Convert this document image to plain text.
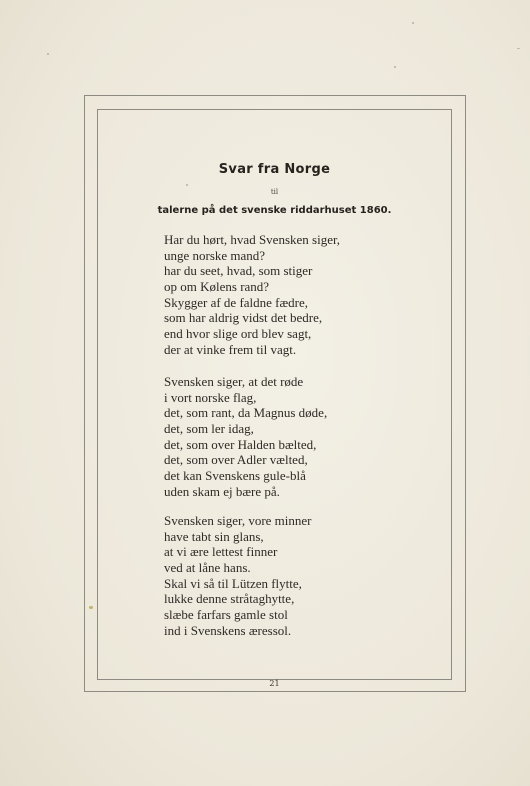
Svar fra Norge
til
talerne på det svenske riddarhuset 1860.
Har du hørt, hvad Svensken siger,
unge norske mand?
har du seet, hvad, som stiger
op om Kølens rand?
Skygger af de faldne fædre,
som har aldrig vidst det bedre,
end hvor slige ord blev sagt,
der at vinke frem til vagt.
Svensken siger, at det røde
i vort norske flag,
det, som rant, da Magnus døde,
det, som ler idag,
det, som over Halden bælted,
det, som over Adler vælted,
det kan Svenskens gule-blå
uden skam ej bære på.
Svensken siger, vore minner
have tabt sin glans,
at vi ære lettest finner
ved at låne hans.
Skal vi så til Lützen flytte,
lukke denne stråtaghytte,
slæbe farfars gamle stol
ind i Svenskens æressol.
21
